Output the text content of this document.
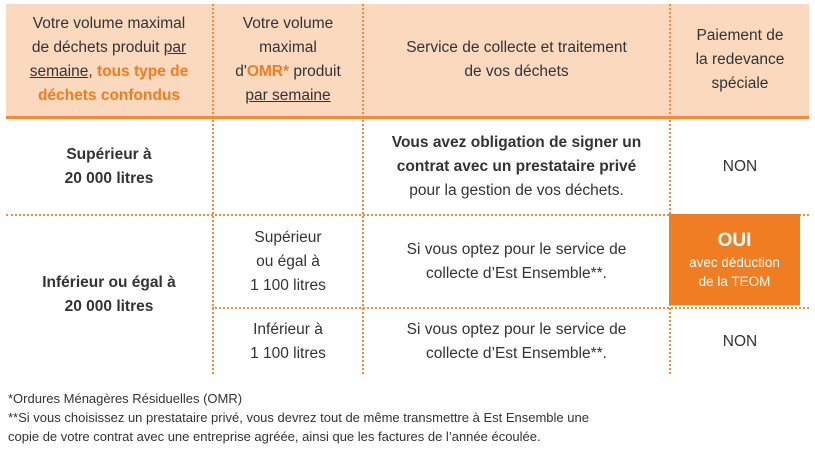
Votre volume maximal
de déchets produit par
semaine, tous type de
déchets confondus
Votre volume
maximal
d'OMR* produit
par semaine
Service de collecte et traitement
de vos déchets
Paiement de
la redevance
spéciale
Supérieur à
20 000 litres
Vous avez obligation de signer un
contrat avec un prestataire privé
pour la gestion de vos déchets.
NON
Inférieur ou égal à
20 000 litres
Supérieur
ou égal à
1 100 litres
Si vous optez pour le service de
collecte d’Est Ensemble**.
OUI
avec déduction
de la TEOM
Inférieur à
1 100 litres
Si vous optez pour le service de
collecte d’Est Ensemble**.
NON
*Ordures Ménagères Résiduelles (OMR)
**Si vous choisissez un prestataire privé, vous devrez tout de même transmettre à Est Ensemble une
copie de votre contrat avec une entreprise agréée, ainsi que les factures de l’année écoulée.
